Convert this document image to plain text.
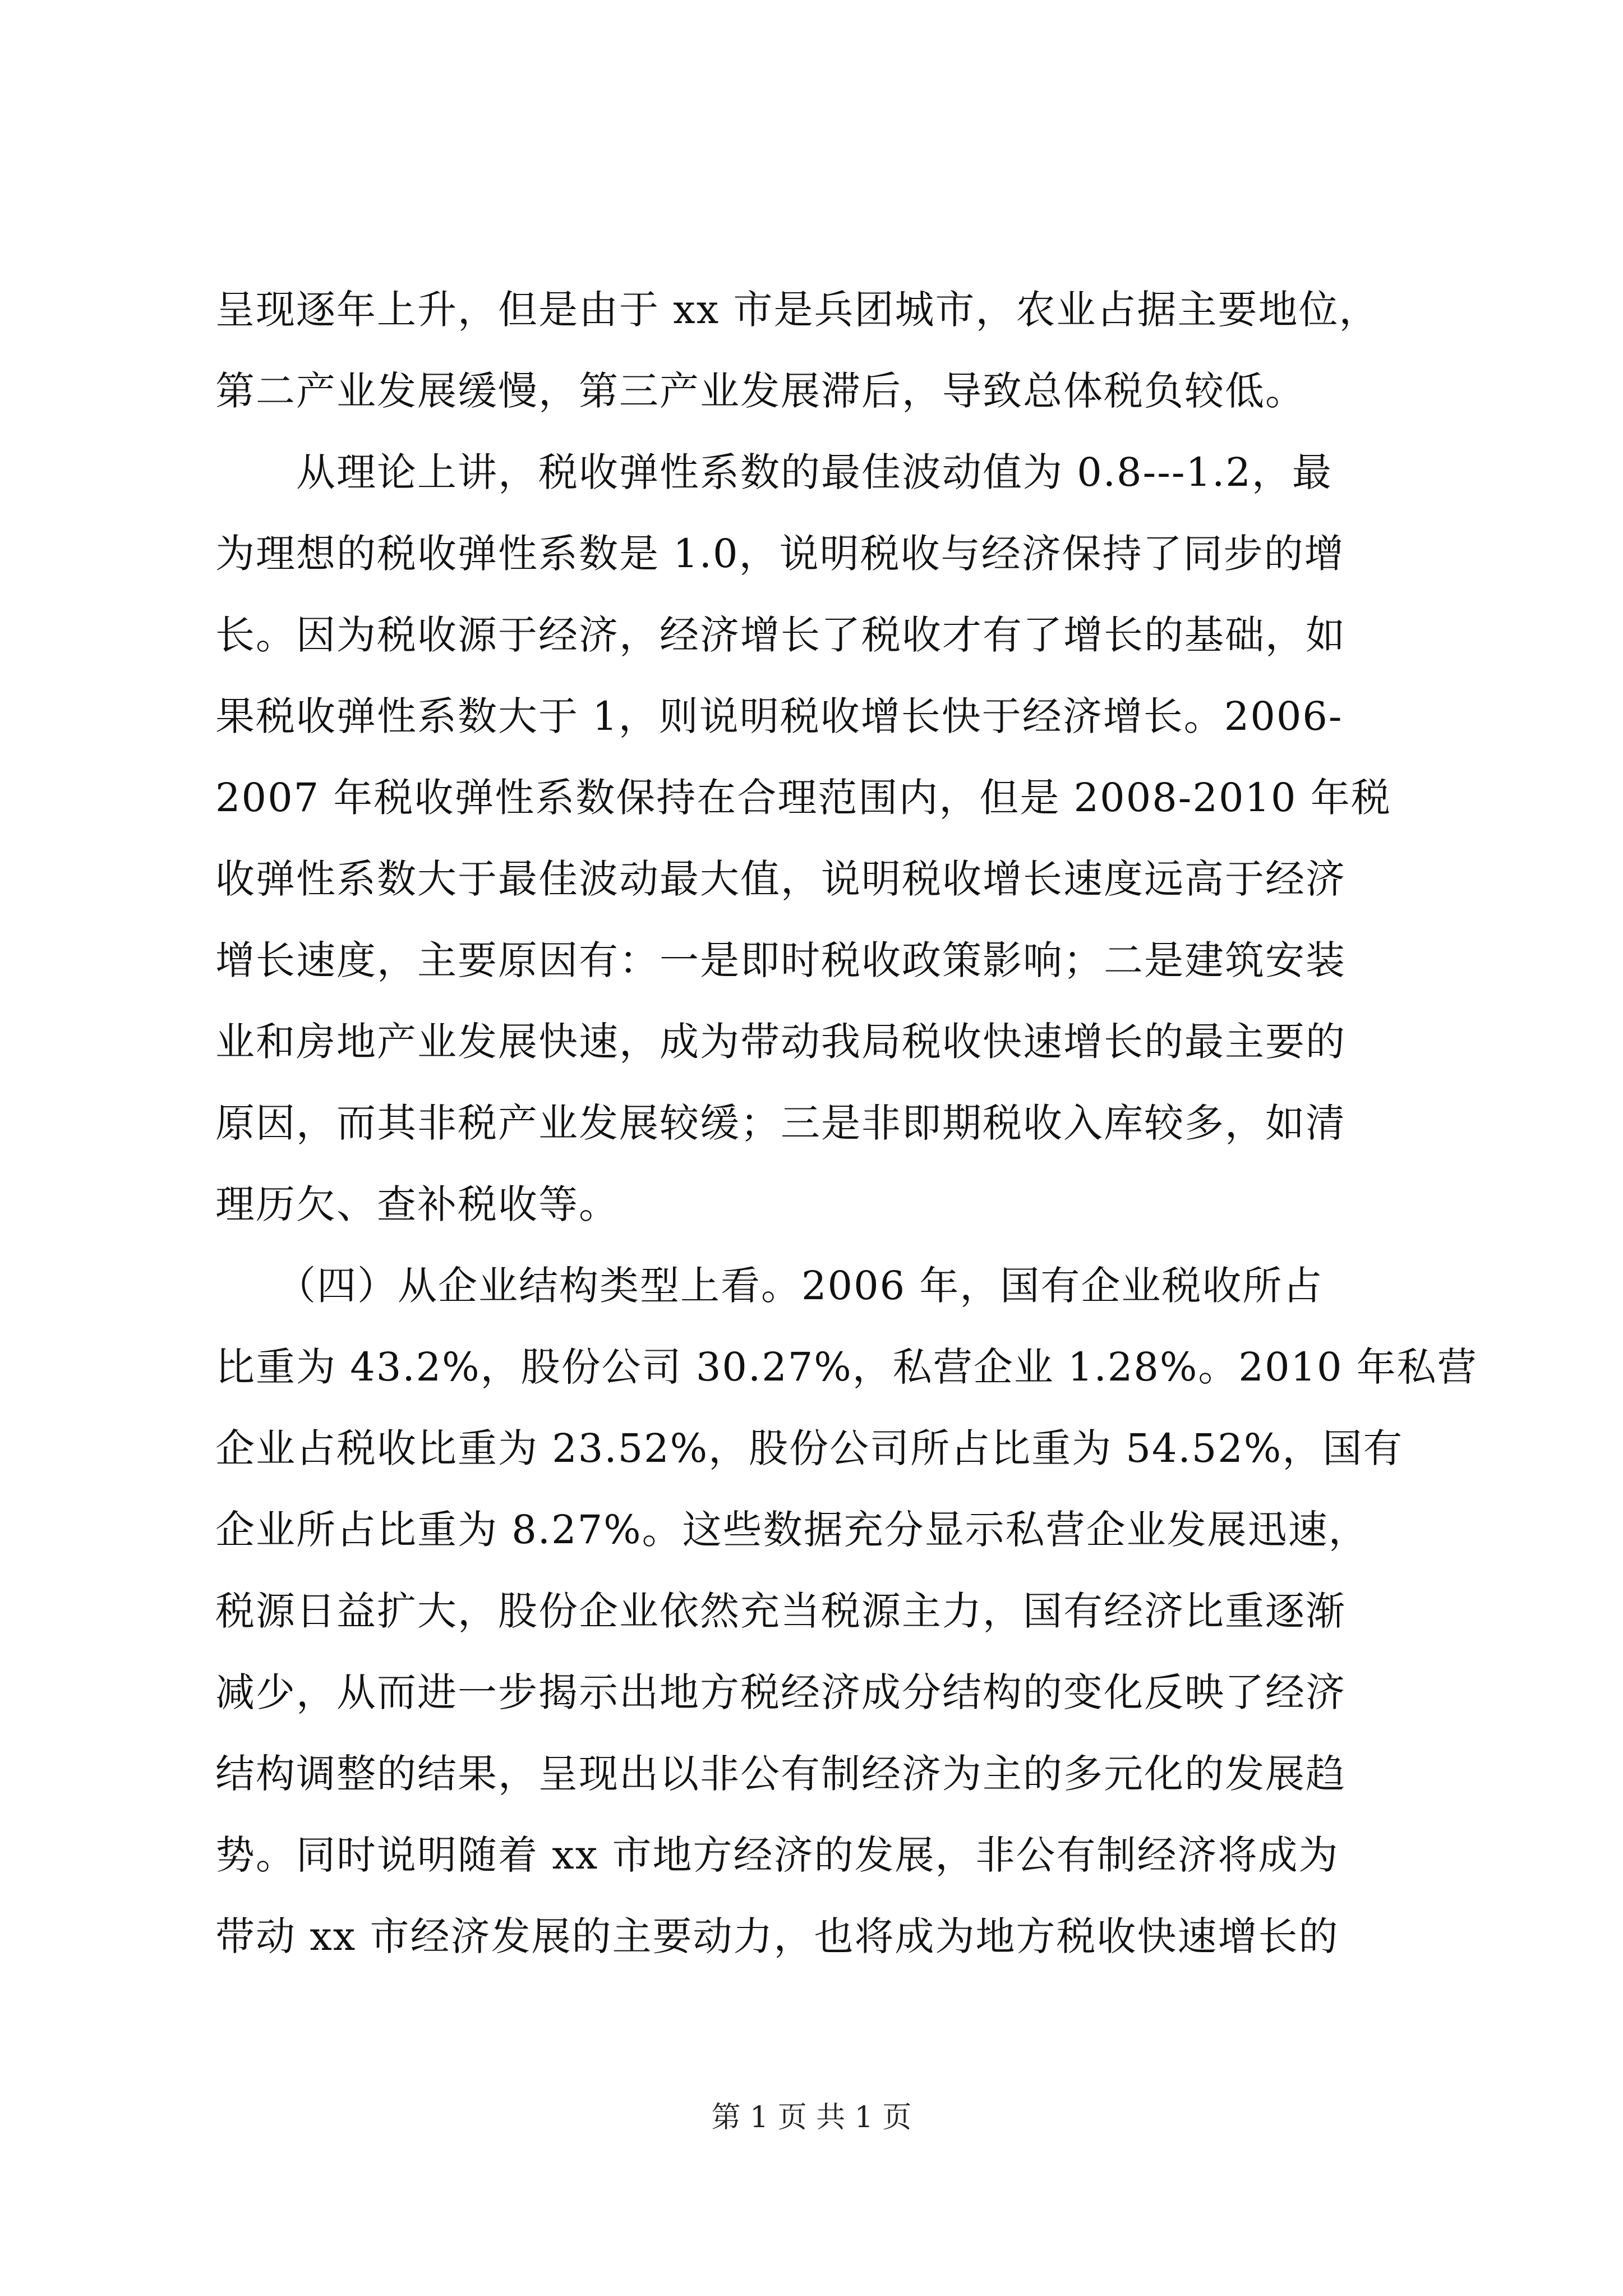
呈现逐年上升，但是由于 xx 市是兵团城市，农业占据主要地位，
第二产业发展缓慢，第三产业发展滞后，导致总体税负较低。
　　从理论上讲，税收弹性系数的最佳波动值为 0.8---1.2，最
为理想的税收弹性系数是 1.0，说明税收与经济保持了同步的增
长。因为税收源于经济，经济增长了税收才有了增长的基础，如
果税收弹性系数大于 1，则说明税收增长快于经济增长。2006-
2007 年税收弹性系数保持在合理范围内，但是 2008-2010 年税
收弹性系数大于最佳波动最大值，说明税收增长速度远高于经济
增长速度，主要原因有：一是即时税收政策影响；二是建筑安装
业和房地产业发展快速，成为带动我局税收快速增长的最主要的
原因，而其非税产业发展较缓；三是非即期税收入库较多，如清
理历欠、查补税收等。
　　（四）从企业结构类型上看。2006 年，国有企业税收所占
比重为 43.2%，股份公司 30.27%，私营企业 1.28%。2010 年私营
企业占税收比重为 23.52%，股份公司所占比重为 54.52%，国有
企业所占比重为 8.27%。这些数据充分显示私营企业发展迅速，
税源日益扩大，股份企业依然充当税源主力，国有经济比重逐渐
减少，从而进一步揭示出地方税经济成分结构的变化反映了经济
结构调整的结果，呈现出以非公有制经济为主的多元化的发展趋
势。同时说明随着 xx 市地方经济的发展，非公有制经济将成为
带动 xx 市经济发展的主要动力，也将成为地方税收快速增长的
第 1 页 共 1 页
